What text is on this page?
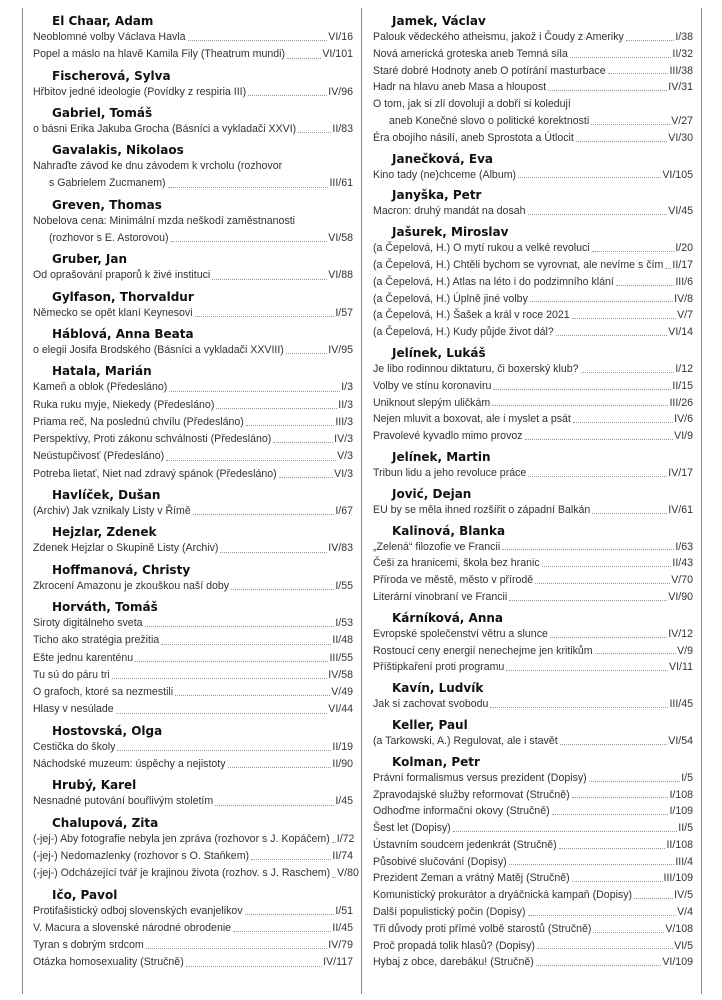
El Chaar, Adam
Neoblomné volby Václava Havla	VI/16
Popel a máslo na hlavě Kamila Fily (Theatrum mundi)	VI/101
Fischerová, Sylva
Hřbitov jedné ideologie (Povídky z respiria III)	IV/96
Gabriel, Tomáš
o básni Erika Jakuba Grocha (Básníci a vykladači XXVI)	II/83
Gavalakis, Nikolaos
Nahraďte závod ke dnu závodem k vrcholu (rozhovor
s Gabrielem Zucmanem)	III/61
Greven, Thomas
Nobelova cena: Minimální mzda neškodí zaměstnanosti
(rozhovor s E. Astorovou)	VI/58
Gruber, Jan
Od oprašování praporů k živé instituci	VI/88
Gylfason, Thorvaldur
Německo se opět klaní Keynesovi	I/57
Háblová, Anna Beata
o elegii Josifa Brodského (Básníci a vykladači XXVIII)	IV/95
Hatala, Marián
Kameň a oblok (Předesláno)	I/3
Ruka ruku myje, Niekedy (Předesláno)	II/3
Priama reč, Na poslednú chvílu (Předesláno)	III/3
Perspektívy, Proti zákonu schválnosti (Předesláno)	IV/3
Neústupčivosť (Předesláno)	V/3
Potreba lietať, Niet nad zdravý spánok (Předesláno)	VI/3
Havlíček, Dušan
(Archiv) Jak vznikaly Listy v Římě	I/67
Hejzlar, Zdenek
Zdenek Hejzlar o Skupině Listy (Archiv)	IV/83
Hoffmanová, Christy
Zkrocení Amazonu je zkouškou naší doby	I/55
Horváth, Tomáš
Siroty digitálneho sveta	I/53
Ticho ako stratégia prežitia	II/48
Ešte jednu karenténu	III/55
Tu sú do páru tri	IV/58
O grafoch, ktoré sa nezmestili	V/49
Hlasy v nesúlade	VI/44
Hostovská, Olga
Cestička do školy	II/19
Náchodské muzeum: úspěchy a nejistoty	II/90
Hrubý, Karel
Nesnadné putování bouřlivým stoletím	I/45
Chalupová, Zita
(-jej-) Aby fotografie nebyla jen zpráva (rozhovor s J. Kopáčem) I/72
(-jej-) Nedomazlenky (rozhovor s O. Staňkem)	II/74
(-jej-) Odcházející tvář je krajinou života (rozhov. s J. Raschem) V/80
Ičo, Pavol
Protifašistický odboj slovenských evanjelikov	I/51
V. Macura a slovenské národné obrodenie	II/45
Tyran s dobrým srdcom	IV/79
Otázka homosexuality (Stručně)	IV/117
Jamek, Václav
Palouk vědeckého atheismu, jakož i Čoudy z Ameriky	I/38
Nová americká groteska aneb Temná síla	II/32
Staré dobré Hodnoty aneb O potírání masturbace	III/38
Hadr na hlavu aneb Masa a hloupost	IV/31
O tom, jak si zlí dovolují a dobří si koledují
aneb Konečné slovo o politické korektnosti	V/27
Éra obojího násilí, aneb Sprostota a Útlocit	VI/30
Janečková, Eva
Kino tady (ne)chceme (Album)	VI/105
Janyška, Petr
Macron: druhý mandát na dosah	VI/45
Jašurek, Miroslav
(a Čepelová, H.) O mytí rukou a velké revoluci	I/20
(a Čepelová, H.) Chtěli bychom se vyrovnat, ale nevíme s čím II/17
(a Čepelová, H.) Atlas na léto i do podzimního klání	III/6
(a Čepelová, H.) Úplně jiné volby	IV/8
(a Čepelová, H.) Šašek a král v roce 2021	V/7
(a Čepelová, H.) Kudy půjde život dál?	VI/14
Jelínek, Lukáš
Je libo rodinnou diktaturu, či boxerský klub?	I/12
Volby ve stínu koronaviru	II/15
Uniknout slepým uličkám	III/26
Nejen mluvit a boxovat, ale i myslet a psát	IV/6
Pravolevé kyvadlo mimo provoz	VI/9
Jelínek, Martin
Tribun lidu a jeho revoluce práce	IV/17
Jović, Dejan
EU by se měla ihned rozšířit o západní Balkán	IV/61
Kalinová, Blanka
„Zelená“ filozofie ve Francii	I/63
Češi za hranicemi, škola bez hranic	II/43
Příroda ve městě, město v přírodě	V/70
Literární vinobraní ve Francii	VI/90
Kárníková, Anna
Evropské společenství větru a slunce	IV/12
Rostoucí ceny energií nenechejme jen kritikům	V/9
Příštipkaření proti programu	VI/11
Kavín, Ludvík
Jak si zachovat svobodu	III/45
Keller, Paul
(a Tarkowski, A.) Regulovat, ale i stavět	VI/54
Kolman, Petr
Právní formalismus versus prezident (Dopisy)	I/5
Zpravodajské služby reformovat (Stručně)	I/108
Odhoďme informační okovy (Stručně)	I/109
Šest let (Dopisy)	II/5
Ústavním soudcem jedenkrát (Stručně)	II/108
Působivé slučování (Dopisy)	III/4
Prezident Zeman a vrátný Matěj (Stručně)	III/109
Komunistický prokurátor a dryáčnická kampaň (Dopisy)	IV/5
Další populistický počin (Dopisy)	V/4
Tři důvody proti přímé volbě starostů (Stručně)	V/108
Proč propadá tolik hlasů? (Dopisy)	VI/5
Hybaj z obce, darebáku! (Stručně)	VI/109
